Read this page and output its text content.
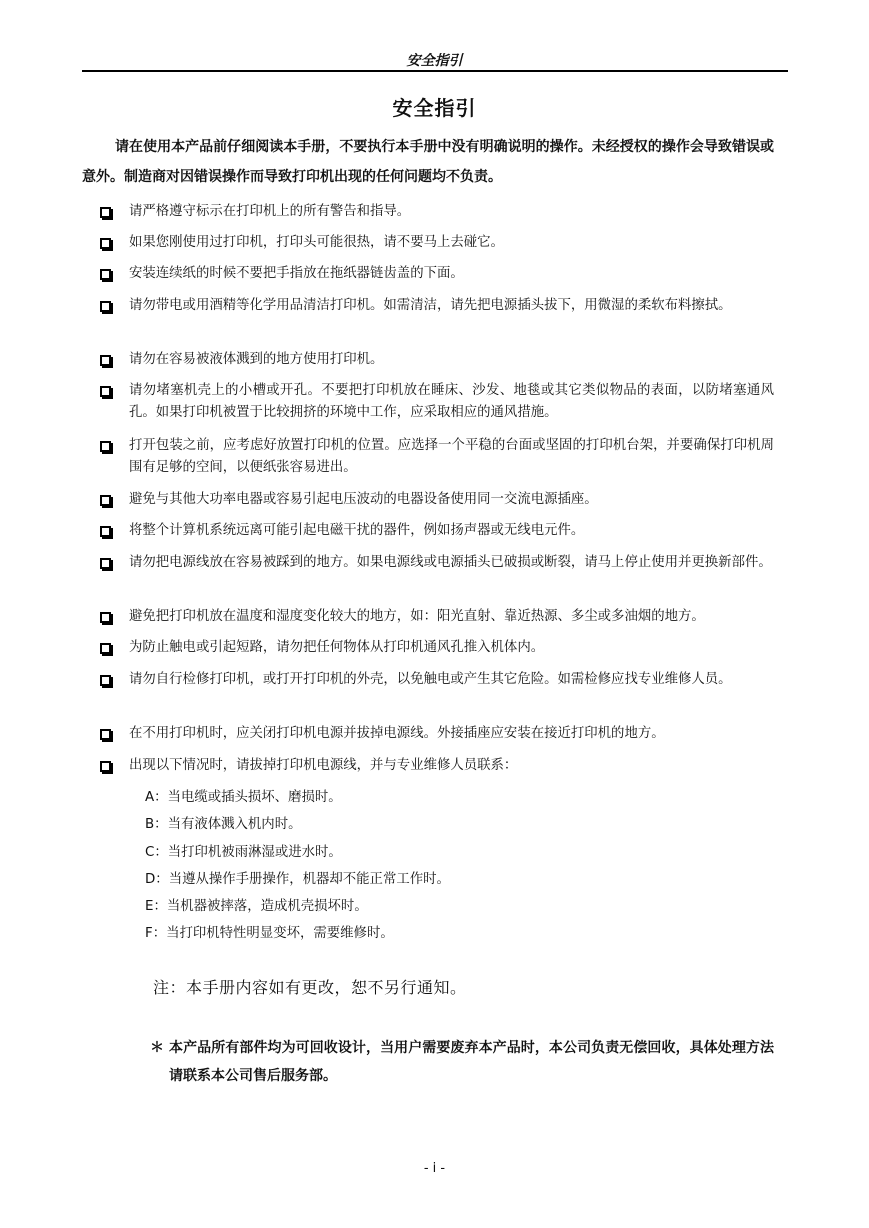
安全指引
安全指引

请在使用本产品前仔细阅读本手册，不要执行本手册中没有明确说明的操作。未经授权的操作会导致错误或意外。制造商对因错误操作而导致打印机出现的任何问题均不负责。

请严格遵守标示在打印机上的所有警告和指导。
如果您刚使用过打印机，打印头可能很热，请不要马上去碰它。
安装连续纸的时候不要把手指放在拖纸器链齿盖的下面。
请勿带电或用酒精等化学用品清洁打印机。如需清洁，请先把电源插头拔下，用微湿的柔软布料擦拭。
请勿在容易被液体溅到的地方使用打印机。
请勿堵塞机壳上的小槽或开孔。不要把打印机放在睡床、沙发、地毯或其它类似物品的表面，以防堵塞通风孔。如果打印机被置于比较拥挤的环境中工作，应采取相应的通风措施。
打开包装之前，应考虑好放置打印机的位置。应选择一个平稳的台面或坚固的打印机台架，并要确保打印机周围有足够的空间，以便纸张容易进出。
避免与其他大功率电器或容易引起电压波动的电器设备使用同一交流电源插座。
将整个计算机系统远离可能引起电磁干扰的器件，例如扬声器或无线电元件。
请勿把电源线放在容易被踩到的地方。如果电源线或电源插头已破损或断裂，请马上停止使用并更换新部件。
避免把打印机放在温度和湿度变化较大的地方，如：阳光直射、靠近热源、多尘或多油烟的地方。
为防止触电或引起短路，请勿把任何物体从打印机通风孔推入机体内。
请勿自行检修打印机，或打开打印机的外壳，以免触电或产生其它危险。如需检修应找专业维修人员。
在不用打印机时，应关闭打印机电源并拔掉电源线。外接插座应安装在接近打印机的地方。
出现以下情况时，请拔掉打印机电源线，并与专业维修人员联系：
A：当电缆或插头损坏、磨损时。
B：当有液体溅入机内时。
C：当打印机被雨淋湿或进水时。
D：当遵从操作手册操作，机器却不能正常工作时。
E：当机器被摔落，造成机壳损坏时。
F：当打印机特性明显变坏，需要维修时。
注：本手册内容如有更改，恕不另行通知。
＊ 本产品所有部件均为可回收设计，当用户需要废弃本产品时，本公司负责无偿回收，具体处理方法请联系本公司售后服务部。
- i -
